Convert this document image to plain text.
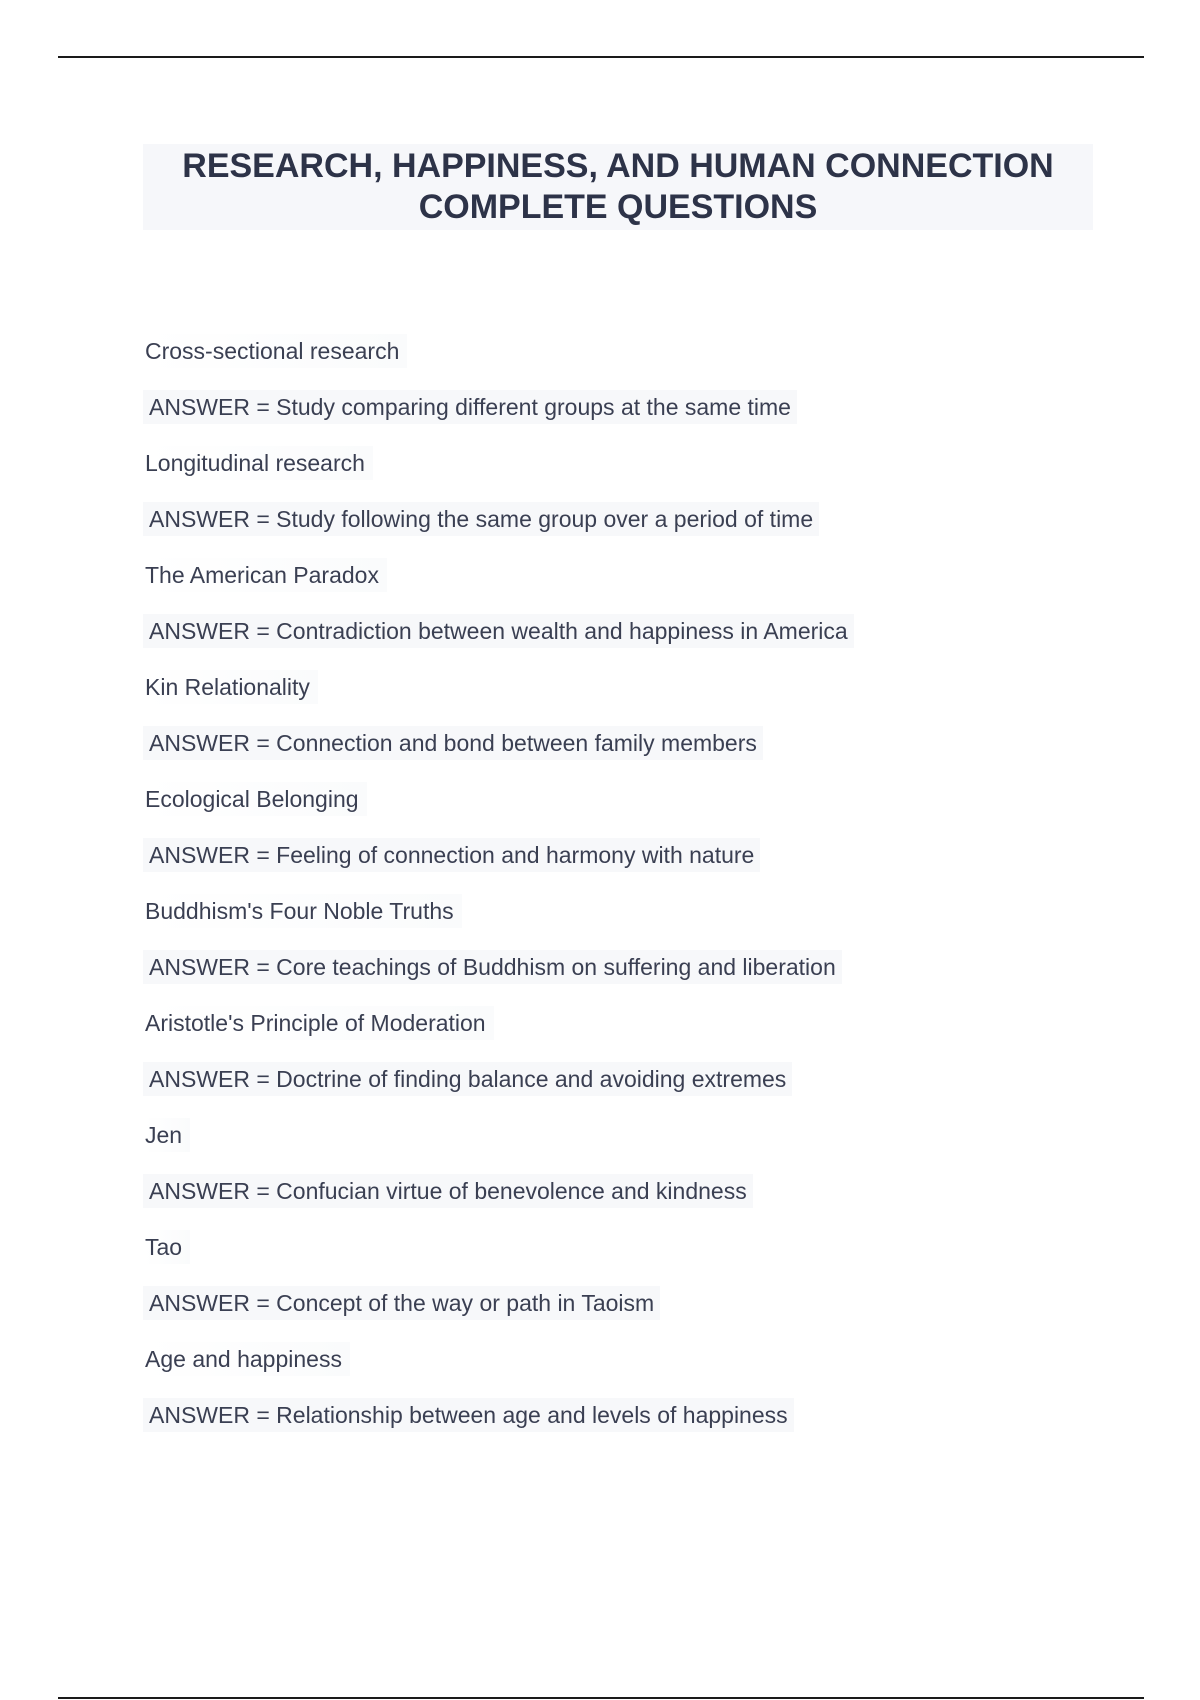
RESEARCH, HAPPINESS, AND HUMAN CONNECTION
COMPLETE QUESTIONS
Cross-sectional research
ANSWER = Study comparing different groups at the same time
Longitudinal research
ANSWER = Study following the same group over a period of time
The American Paradox
ANSWER = Contradiction between wealth and happiness in America
Kin Relationality
ANSWER = Connection and bond between family members
Ecological Belonging
ANSWER = Feeling of connection and harmony with nature
Buddhism's Four Noble Truths
ANSWER = Core teachings of Buddhism on suffering and liberation
Aristotle's Principle of Moderation
ANSWER = Doctrine of finding balance and avoiding extremes
Jen
ANSWER = Confucian virtue of benevolence and kindness
Tao
ANSWER = Concept of the way or path in Taoism
Age and happiness
ANSWER = Relationship between age and levels of happiness
